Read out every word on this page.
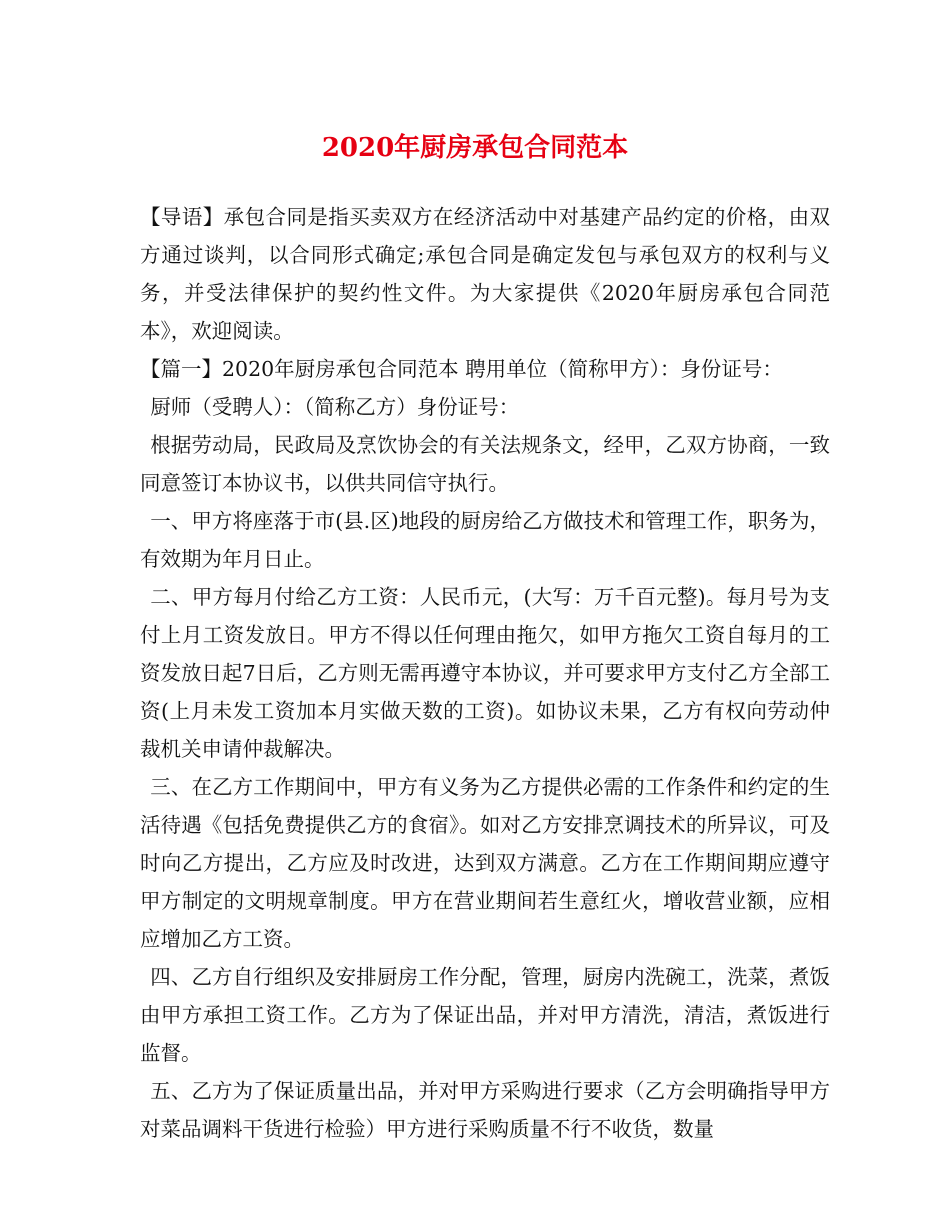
2020年厨房承包合同范本

【导语】承包合同是指买卖双方在经济活动中对基建产品约定的价格，由双方通过谈判，以合同形式确定;承包合同是确定发包与承包双方的权利与义务，并受法律保护的契约性文件。为大家提供《2020年厨房承包合同范本》，欢迎阅读。

【篇一】2020年厨房承包合同范本 聘用单位（简称甲方）：身份证号：

厨师（受聘人）：（简称乙方）身份证号：

根据劳动局，民政局及烹饮协会的有关法规条文，经甲，乙双方协商，一致同意签订本协议书，以供共同信守执行。

一、甲方将座落于市(县.区)地段的厨房给乙方做技术和管理工作，职务为，有效期为年月日止。

二、甲方每月付给乙方工资：人民币元，(大写：万千百元整)。每月号为支付上月工资发放日。甲方不得以任何理由拖欠，如甲方拖欠工资自每月的工资发放日起7日后，乙方则无需再遵守本协议，并可要求甲方支付乙方全部工资(上月未发工资加本月实做天数的工资)。如协议未果，乙方有权向劳动仲裁机关申请仲裁解决。

三、在乙方工作期间中，甲方有义务为乙方提供必需的工作条件和约定的生活待遇《包括免费提供乙方的食宿》。如对乙方安排烹调技术的所异议，可及时向乙方提出，乙方应及时改进，达到双方满意。乙方在工作期间期应遵守甲方制定的文明规章制度。甲方在营业期间若生意红火，增收营业额，应相应增加乙方工资。

四、乙方自行组织及安排厨房工作分配，管理，厨房内洗碗工，洗菜，煮饭由甲方承担工资工作。乙方为了保证出品，并对甲方清洗，清洁，煮饭进行监督。

五、乙方为了保证质量出品，并对甲方采购进行要求（乙方会明确指导甲方对菜品调料干货进行检验）甲方进行采购质量不行不收货，数量
